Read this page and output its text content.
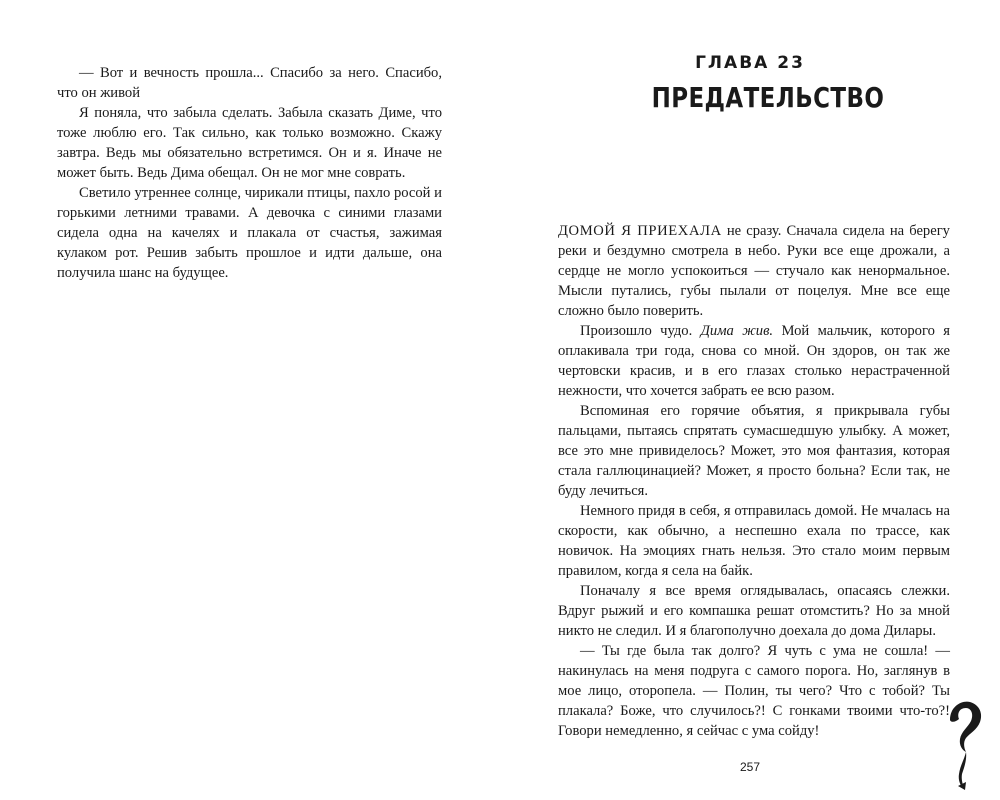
— Вот и вечность прошла... Спасибо за него. Спасибо, что он живой

Я поняла, что забыла сделать. Забыла сказать Диме, что тоже люблю его. Так сильно, как только возможно. Скажу завтра. Ведь мы обязательно встретимся. Он и я. Иначе не может быть. Ведь Дима обещал. Он не мог мне соврать.

Светило утреннее солнце, чирикали птицы, пахло росой и горькими летними травами. А девочка с синими глазами сидела одна на качелях и плакала от счастья, зажимая кулаком рот. Решив забыть прошлое и идти дальше, она получила шанс на будущее.

ГЛАВА 23
ПРЕДАТЕЛЬСТВО

ДОМОЙ Я ПРИЕХАЛА не сразу. Сначала сидела на берегу реки и бездумно смотрела в небо. Руки все еще дрожали, а сердце не могло успокоиться — стучало как ненормальное. Мысли путались, губы пылали от поцелуя. Мне все еще сложно было поверить.

Произошло чудо. Дима жив. Мой мальчик, которого я оплакивала три года, снова со мной. Он здоров, он так же чертовски красив, и в его глазах столько нерастраченной нежности, что хочется забрать ее всю разом.

Вспоминая его горячие объятия, я прикрывала губы пальцами, пытаясь спрятать сумасшедшую улыбку. А может, все это мне привиделось? Может, это моя фантазия, которая стала галлюцинацией? Может, я просто больна? Если так, не буду лечиться.

Немного придя в себя, я отправилась домой. Не мчалась на скорости, как обычно, а неспешно ехала по трассе, как новичок. На эмоциях гнать нельзя. Это стало моим первым правилом, когда я села на байк.

Поначалу я все время оглядывалась, опасаясь слежки. Вдруг рыжий и его компашка решат отомстить? Но за мной никто не следил. И я благополучно доехала до дома Дилары.

— Ты где была так долго? Я чуть с ума не сошла! — накинулась на меня подруга с самого порога. Но, заглянув в мое лицо, оторопела. — Полин, ты чего? Что с тобой? Ты плакала? Боже, что случилось?! С гонками твоими что-то?! Говори немедленно, я сейчас с ума сойду!

257
